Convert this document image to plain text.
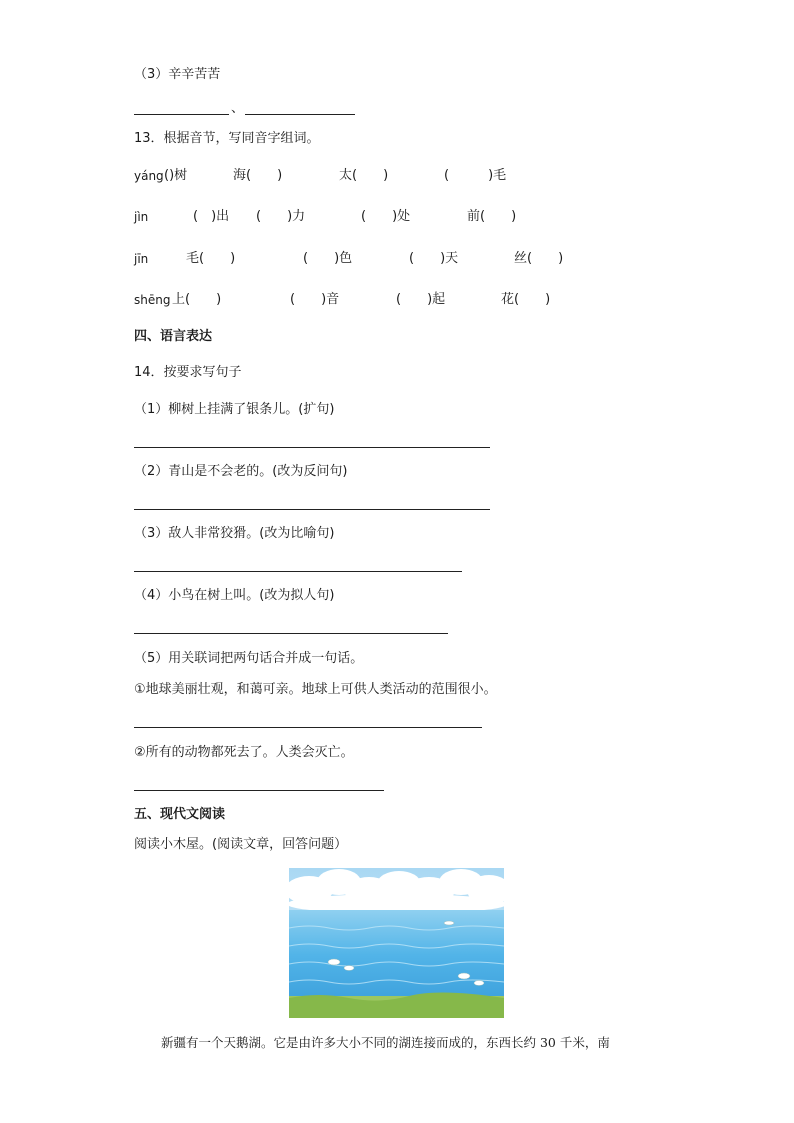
（3）辛辛苦苦
、
13．根据音节，写同音字组词。
yáng ()树	海(　　)	太(　　)	(　　　)毛
jìn	(　)出 (　　)力	(　　)处	前(　　)
jīn	毛(　　)	(　　)色	(　　)天	丝(　　)
shēng 上(　　)	(　　)音	(　　)起	花(　　)
四、语言表达
14．按要求写句子
（1）柳树上挂满了银条儿。(扩句)
（2）青山是不会老的。(改为反问句)
（3）敌人非常狡猾。(改为比喻句)
（4）小鸟在树上叫。(改为拟人句)
（5）用关联词把两句话合并成一句话。
①地球美丽壮观，和蔼可亲。地球上可供人类活动的范围很小。
②所有的动物都死去了。人类会灭亡。
五、现代文阅读
阅读小木屋。(阅读文章，回答问题）
新疆有一个天鹅湖。它是由许多大小不同的湖连接而成的，东西长约 30 千米，南
